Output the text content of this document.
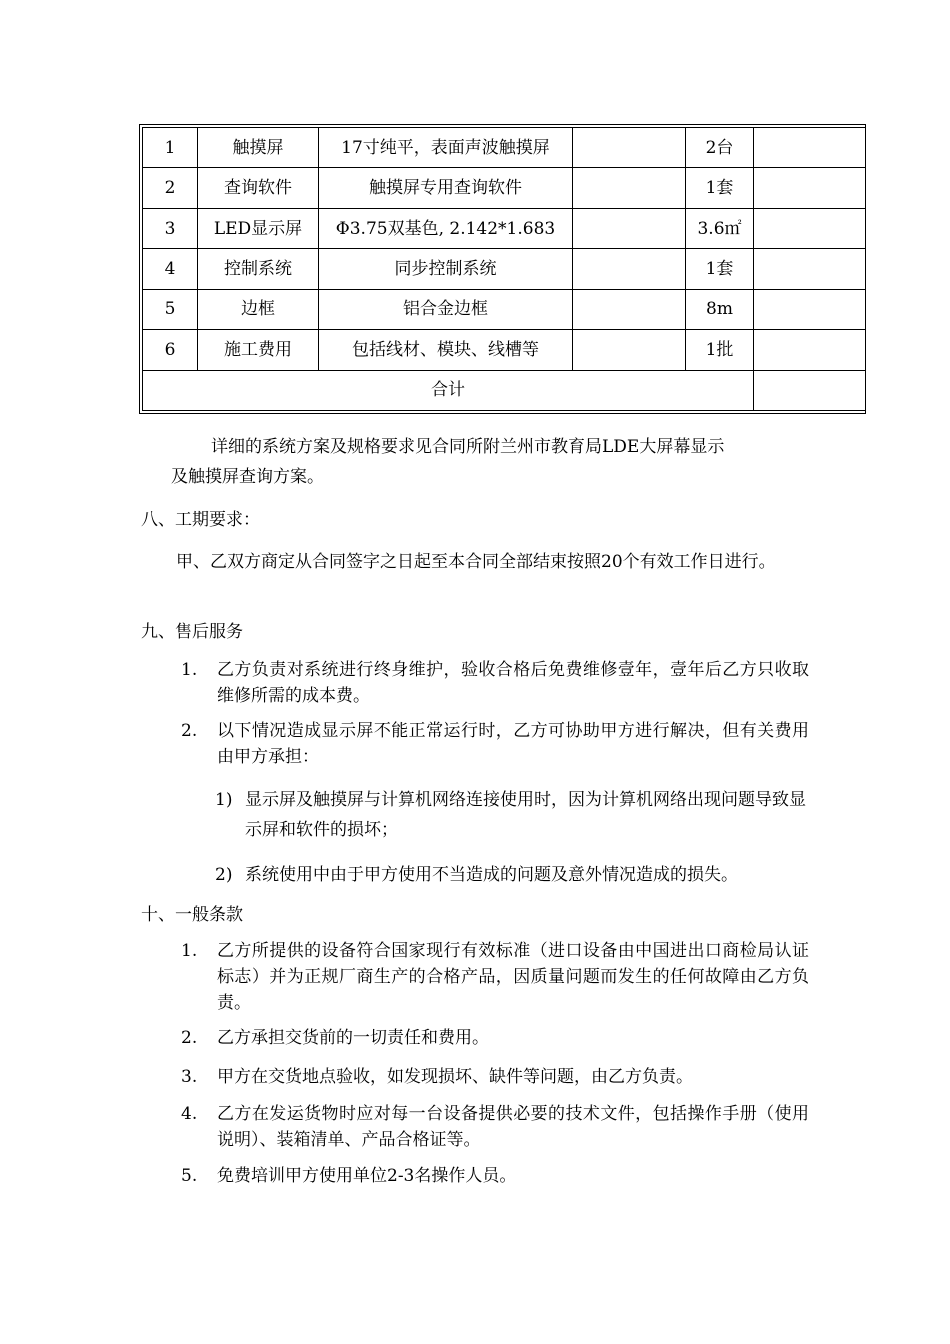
1	触摸屏	17寸纯平，表面声波触摸屏		2台	
2	查询软件	触摸屏专用查询软件		1套	
3	LED显示屏	Φ3.75双基色, 2.142*1.683		3.6㎡	
4	控制系统	同步控制系统		1套	
5	边框	铝合金边框		8m	
6	施工费用	包括线材、模块、线槽等		1批	
合计					
详细的系统方案及规格要求见合同所附兰州市教育局LDE大屏幕显示
及触摸屏查询方案。
八、工期要求：
甲、乙双方商定从合同签字之日起至本合同全部结束按照20个有效工作日进行。
九、售后服务
1.	乙方负责对系统进行终身维护，验收合格后免费维修壹年，壹年后乙方只收取维修所需的成本费。
2.	以下情况造成显示屏不能正常运行时，乙方可协助甲方进行解决，但有关费用由甲方承担：
1) 显示屏及触摸屏与计算机网络连接使用时，因为计算机网络出现问题导致显示屏和软件的损坏；
2) 系统使用中由于甲方使用不当造成的问题及意外情况造成的损失。
十、一般条款
1.	乙方所提供的设备符合国家现行有效标准（进口设备由中国进出口商检局认证标志）并为正规厂商生产的合格产品，因质量问题而发生的任何故障由乙方负责。
2.	乙方承担交货前的一切责任和费用。
3.	甲方在交货地点验收，如发现损坏、缺件等问题，由乙方负责。
4.	乙方在发运货物时应对每一台设备提供必要的技术文件，包括操作手册（使用说明）、装箱清单、产品合格证等。
5.	免费培训甲方使用单位2-3名操作人员。
